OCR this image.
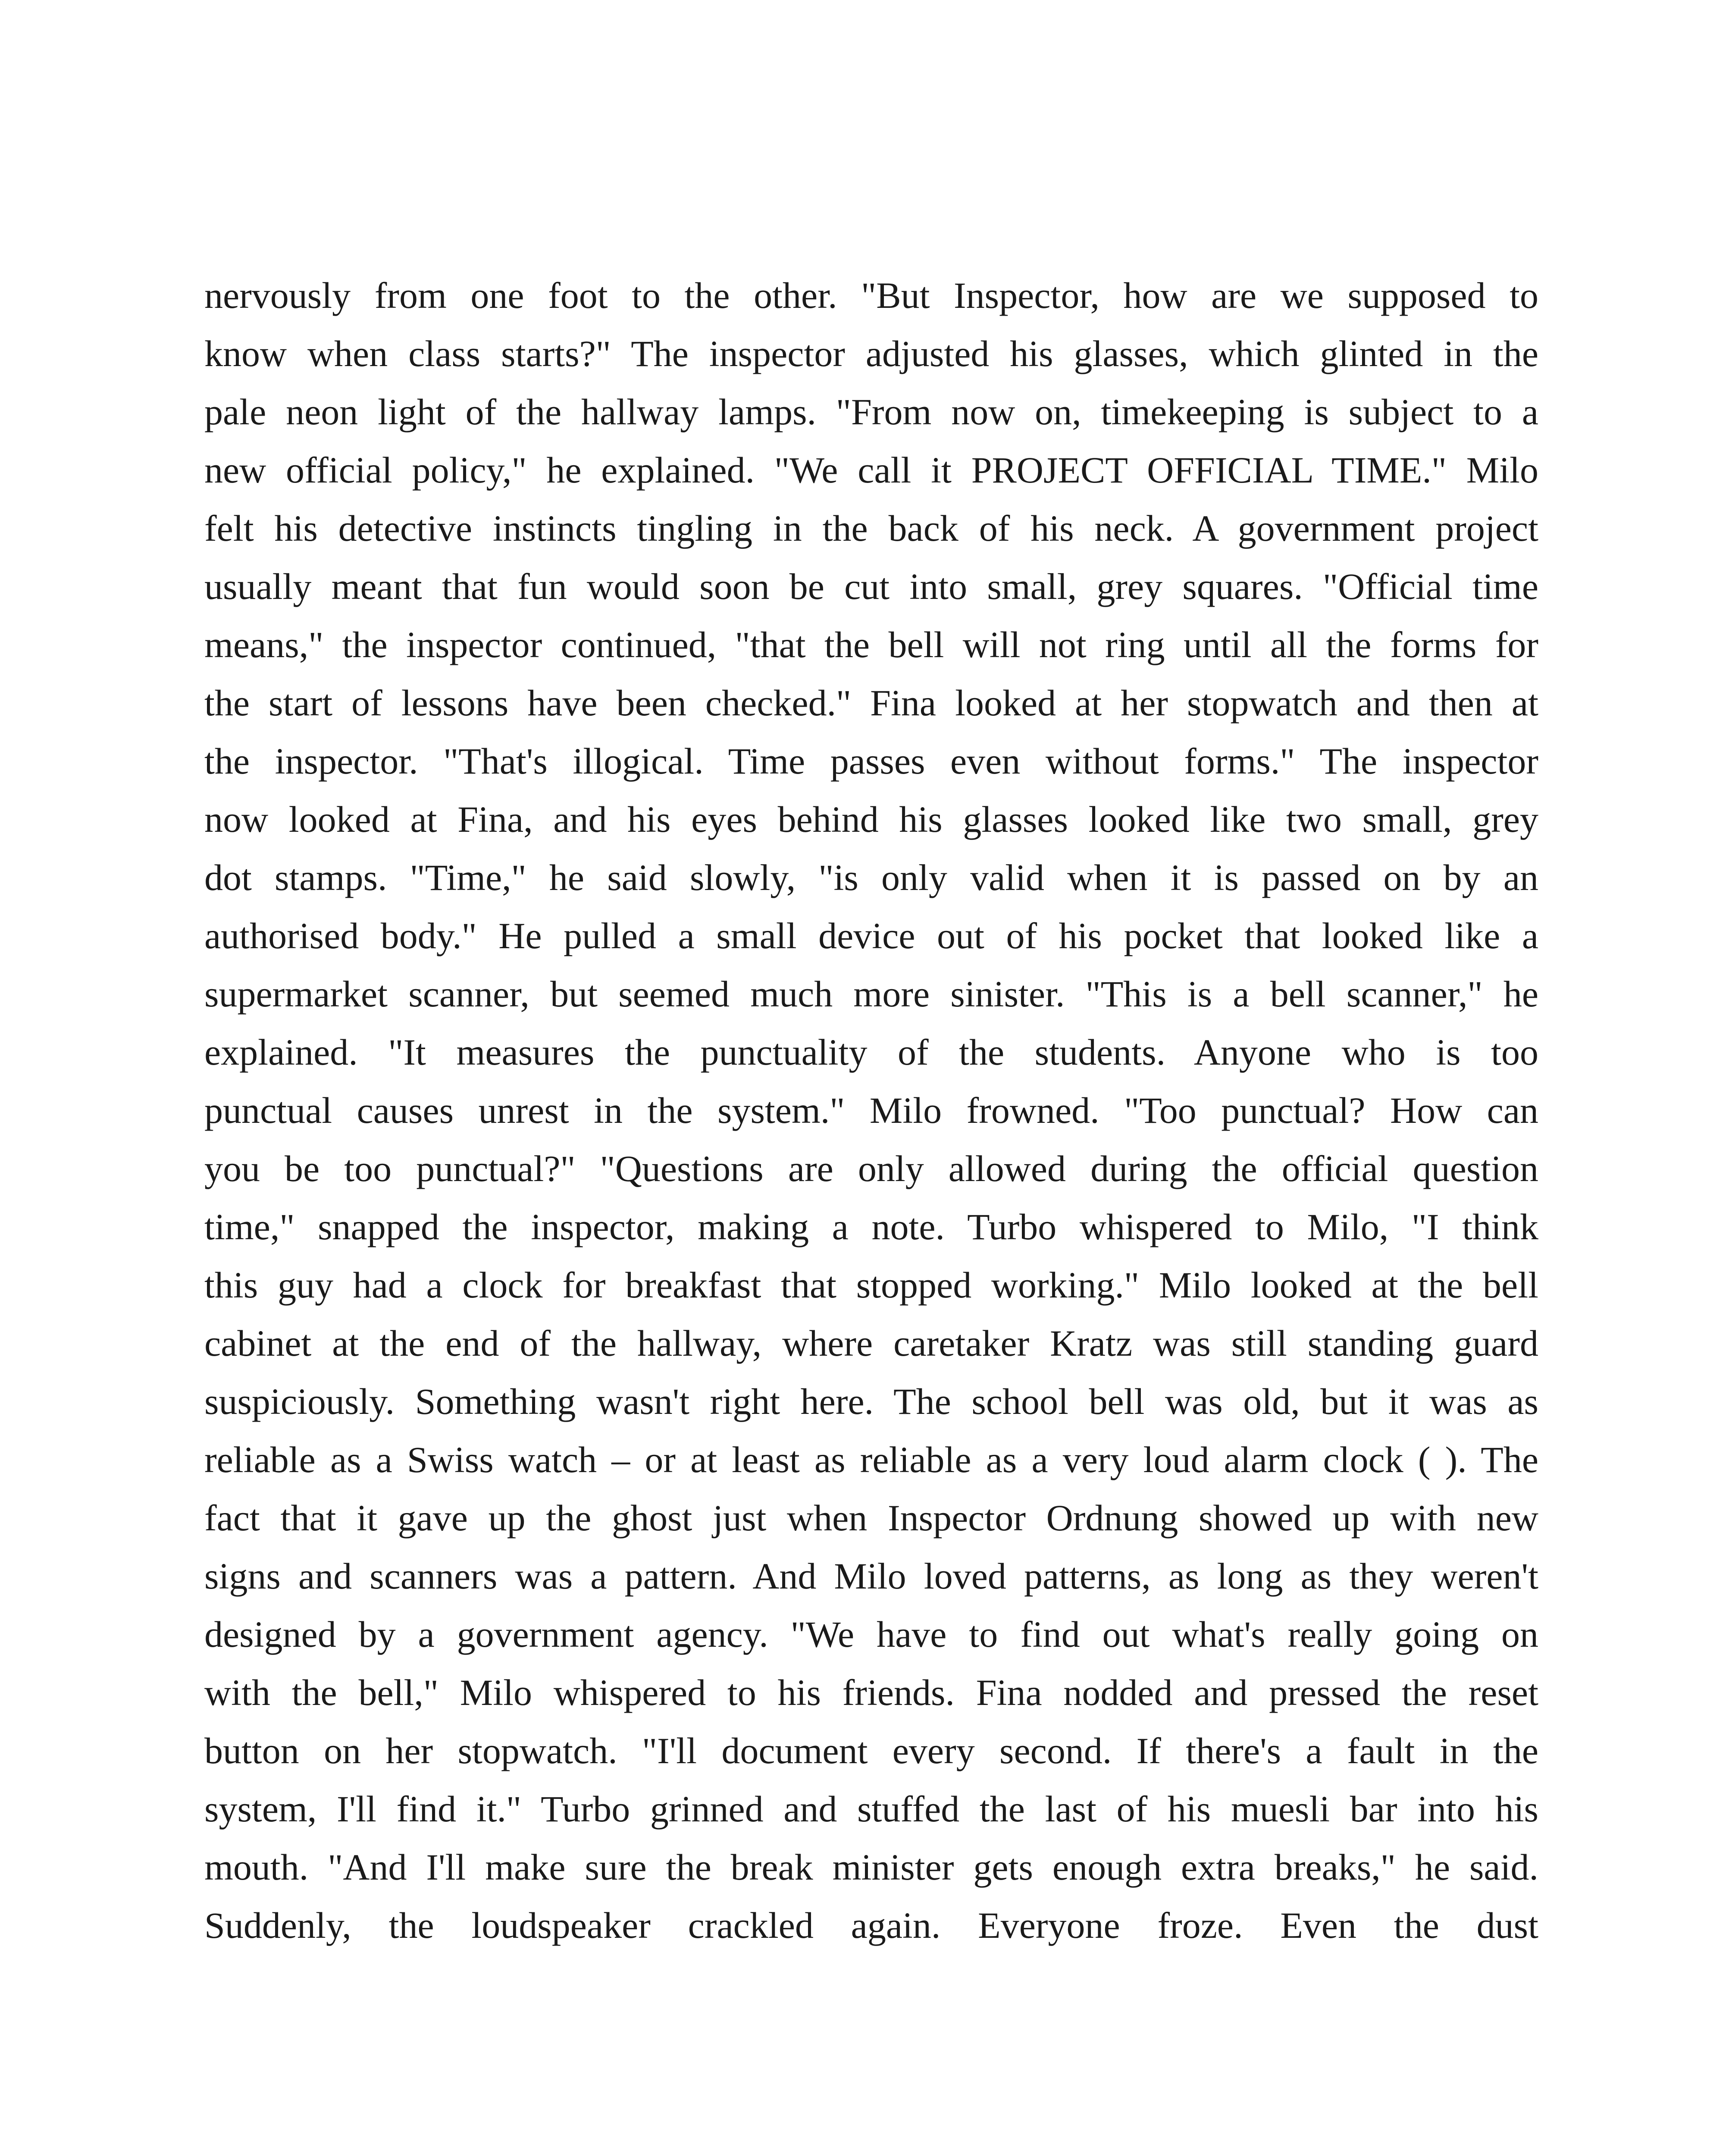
nervously from one foot to the other. "But Inspector, how are we supposed to
know when class starts?" The inspector adjusted his glasses, which glinted in the
pale neon light of the hallway lamps. "From now on, timekeeping is subject to a
new official policy," he explained. "We call it PROJECT OFFICIAL TIME." Milo
felt his detective instincts tingling in the back of his neck. A government project
usually meant that fun would soon be cut into small, grey squares. "Official time
means," the inspector continued, "that the bell will not ring until all the forms for
the start of lessons have been checked." Fina looked at her stopwatch and then at
the inspector. "That's illogical. Time passes even without forms." The inspector
now looked at Fina, and his eyes behind his glasses looked like two small, grey
dot stamps. "Time," he said slowly, "is only valid when it is passed on by an
authorised body." He pulled a small device out of his pocket that looked like a
supermarket scanner, but seemed much more sinister. "This is a bell scanner," he
explained. "It measures the punctuality of the students. Anyone who is too
punctual causes unrest in the system." Milo frowned. "Too punctual? How can
you be too punctual?" "Questions are only allowed during the official question
time," snapped the inspector, making a note. Turbo whispered to Milo, "I think
this guy had a clock for breakfast that stopped working." Milo looked at the bell
cabinet at the end of the hallway, where caretaker Kratz was still standing guard
suspiciously. Something wasn't right here. The school bell was old, but it was as
reliable as a Swiss watch – or at least as reliable as a very loud alarm clock ( ). The
fact that it gave up the ghost just when Inspector Ordnung showed up with new
signs and scanners was a pattern. And Milo loved patterns, as long as they weren't
designed by a government agency. "We have to find out what's really going on
with the bell," Milo whispered to his friends. Fina nodded and pressed the reset
button on her stopwatch. "I'll document every second. If there's a fault in the
system, I'll find it." Turbo grinned and stuffed the last of his muesli bar into his
mouth. "And I'll make sure the break minister gets enough extra breaks," he said.
Suddenly, the loudspeaker crackled again. Everyone froze. Even the dust
